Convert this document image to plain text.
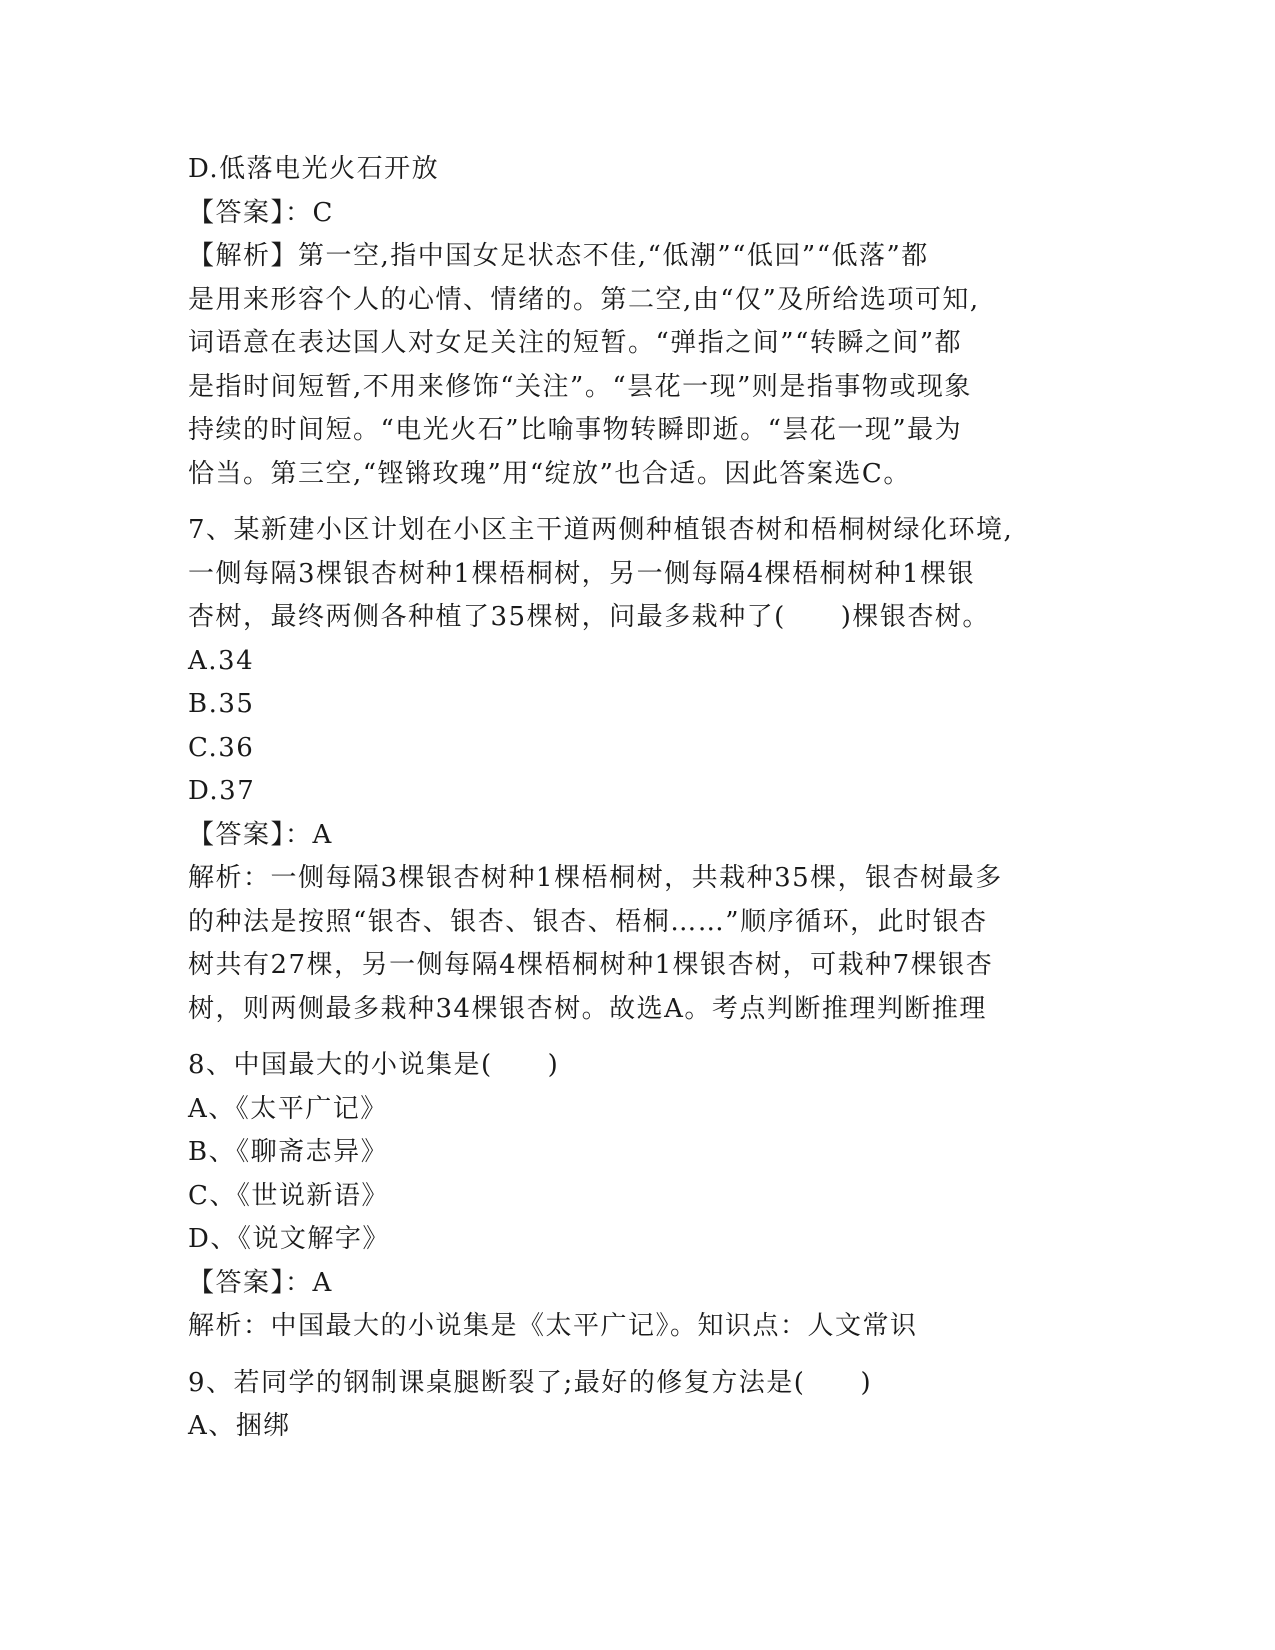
D.低落电光火石开放

【答案】：C

【解析】第一空,指中国女足状态不佳,“低潮”“低回”“低落”都

是用来形容个人的心情、情绪的。第二空,由“仅”及所给选项可知,

词语意在表达国人对女足关注的短暂。“弹指之间”“转瞬之间”都

是指时间短暂,不用来修饰“关注”。“昙花一现”则是指事物或现象

持续的时间短。“电光火石”比喻事物转瞬即逝。“昙花一现”最为

恰当。第三空,“铿锵玫瑰”用“绽放”也合适。因此答案选C。

7、某新建小区计划在小区主干道两侧种植银杏树和梧桐树绿化环境,

一侧每隔3棵银杏树种1棵梧桐树，另一侧每隔4棵梧桐树种1棵银

杏树，最终两侧各种植了35棵树，问最多栽种了(　　)棵银杏树。

A.34

B.35

C.36

D.37

【答案】：A

解析：一侧每隔3棵银杏树种1棵梧桐树，共栽种35棵，银杏树最多

的种法是按照“银杏、银杏、银杏、梧桐……”顺序循环，此时银杏

树共有27棵，另一侧每隔4棵梧桐树种1棵银杏树，可栽种7棵银杏

树，则两侧最多栽种34棵银杏树。故选A。考点判断推理判断推理

8、中国最大的小说集是(　　)

A、《太平广记》

B、《聊斋志异》

C、《世说新语》

D、《说文解字》

【答案】：A

解析：中国最大的小说集是《太平广记》。知识点：人文常识

9、若同学的钢制课桌腿断裂了;最好的修复方法是(　　)

A、捆绑
